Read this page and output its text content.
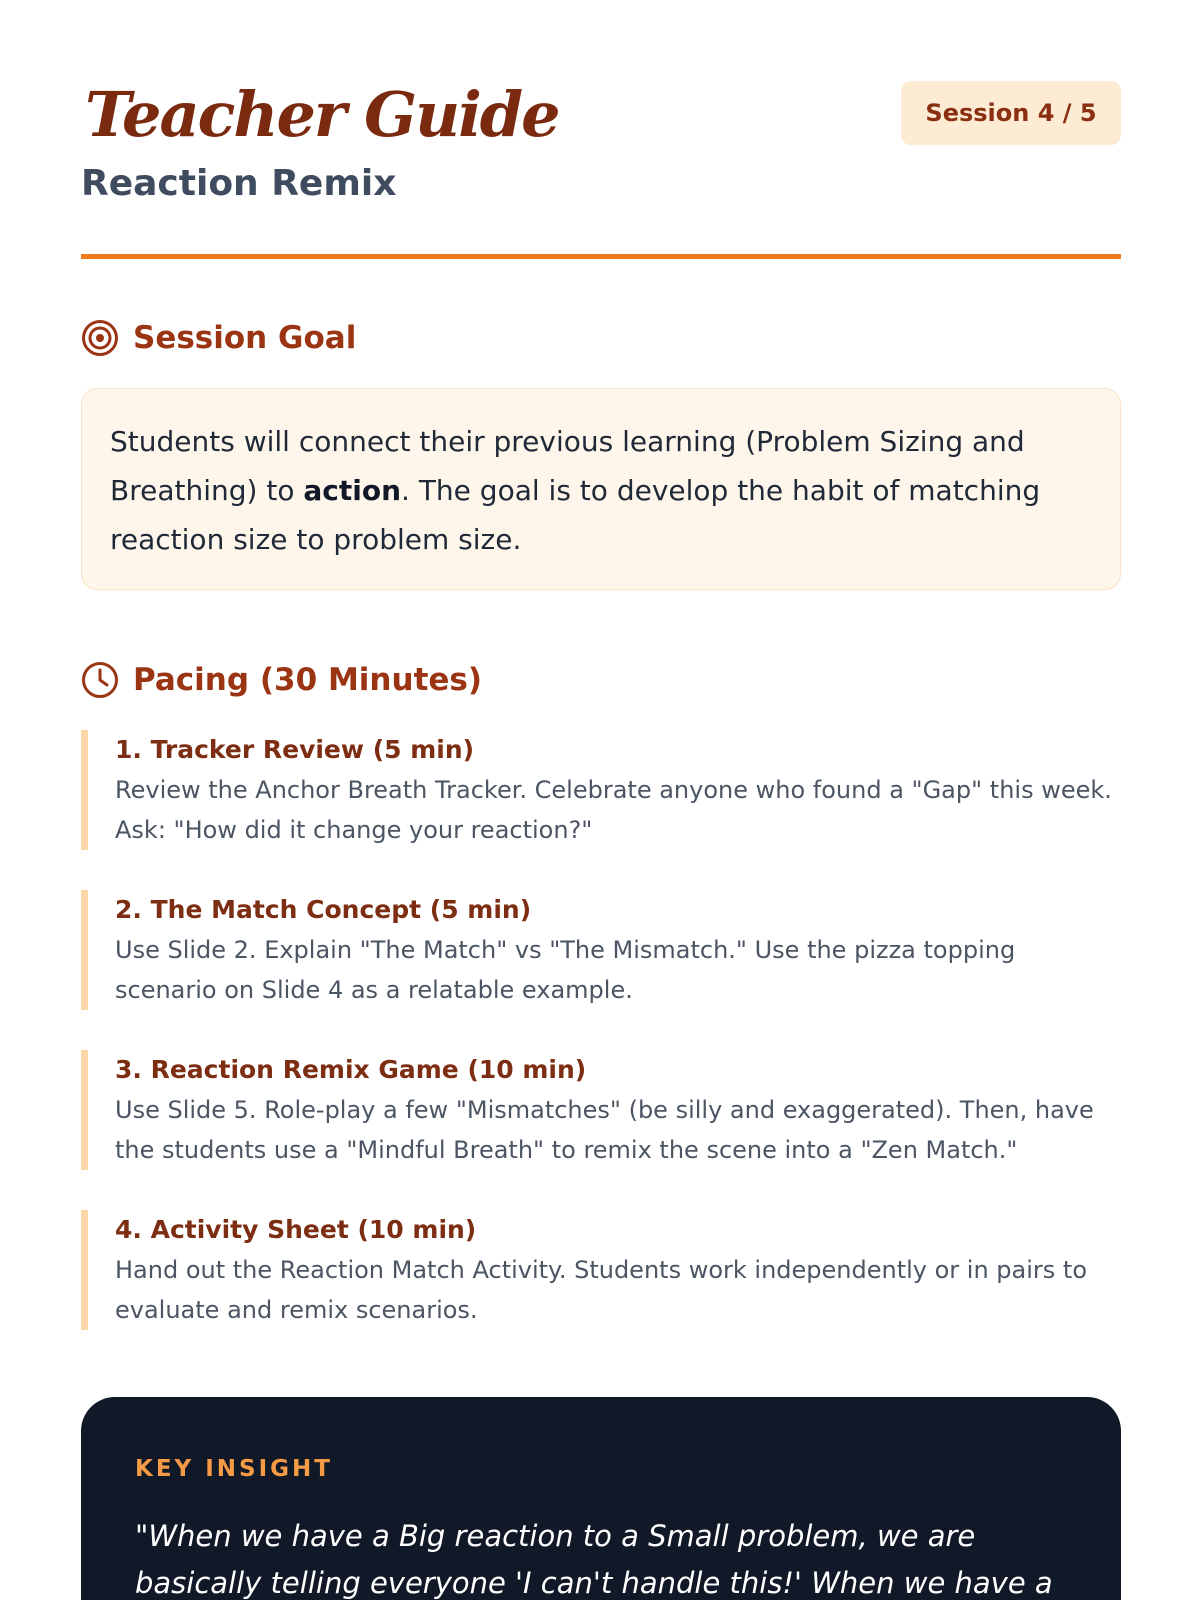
Teacher Guide
Reaction Remix
Session 4 / 5
Session Goal
Students will connect their previous learning (Problem Sizing and Breathing) to action. The goal is to develop the habit of matching reaction size to problem size.
Pacing (30 Minutes)
1. Tracker Review (5 min)
Review the Anchor Breath Tracker. Celebrate anyone who found a "Gap" this week. Ask: "How did it change your reaction?"
2. The Match Concept (5 min)
Use Slide 2. Explain "The Match" vs "The Mismatch." Use the pizza topping scenario on Slide 4 as a relatable example.
3. Reaction Remix Game (10 min)
Use Slide 5. Role-play a few "Mismatches" (be silly and exaggerated). Then, have the students use a "Mindful Breath" to remix the scene into a "Zen Match."
4. Activity Sheet (10 min)
Hand out the Reaction Match Activity. Students work independently or in pairs to evaluate and remix scenarios.
KEY INSIGHT
"When we have a Big reaction to a Small problem, we are basically telling everyone 'I can't handle this!' When we have a
